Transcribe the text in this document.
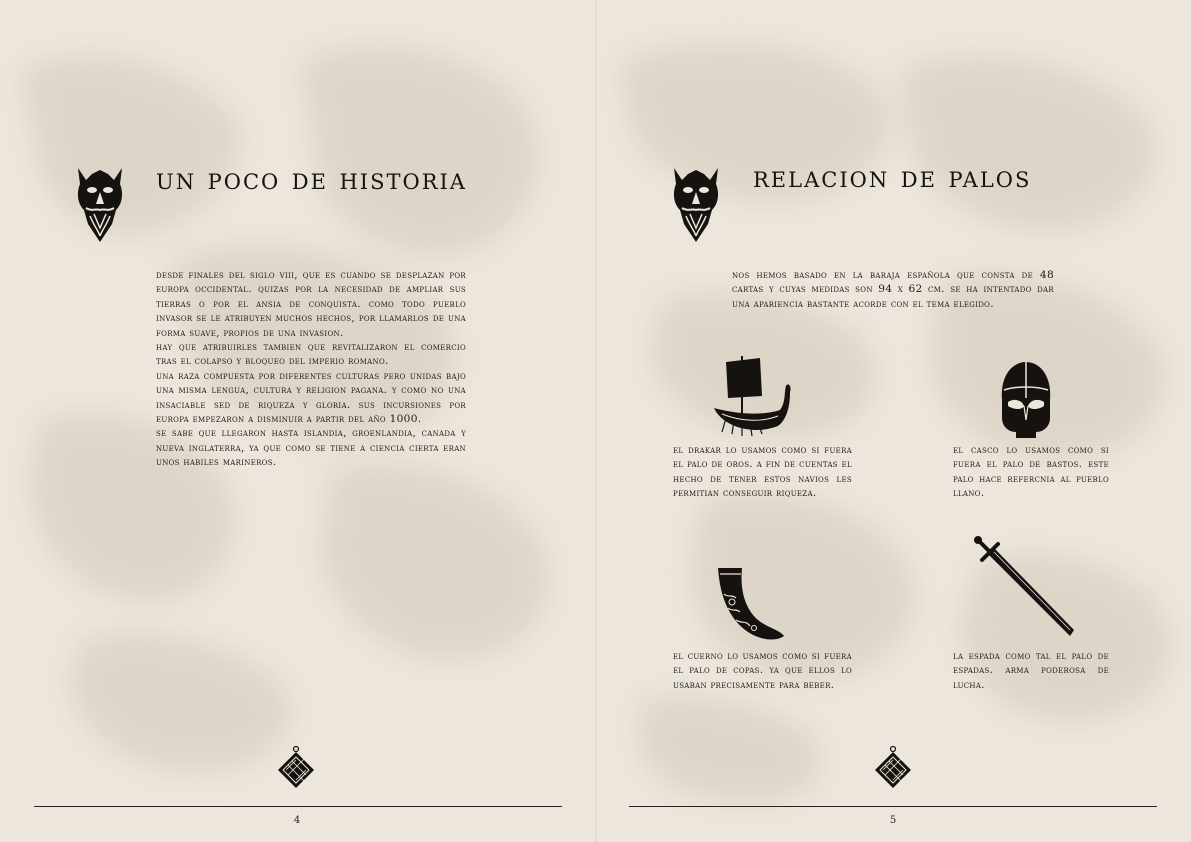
un poco de historia

desde finales del siglo viii, que es cuando se desplazan por europa occidental. quizas por la necesidad de ampliar sus tierras o por el ansia de conquista. como todo pueblo invasor se le atribuyen muchos hechos, por llamarlos de una forma suave, propios de una invasion.

hay que atribuirles tambien que revitalizaron el comercio tras el colapso y bloqueo del imperio romano.

una raza compuesta por diferentes culturas pero unidas bajo una misma lengua, cultura y religion pagana. y como no una insaciable sed de riqueza y gloria. sus incursiones por europa empezaron a disminuir a partir del año 1000.

se sabe que llegaron hasta islandia, groenlandia, canada y nueva inglaterra, ya que como se tiene a ciencia cierta eran unos habiles marineros.

4
relacion de palos

nos hemos basado en la baraja española que consta de 48 cartas y cuyas medidas son 94 x 62 cm. se ha intentado dar una apariencia bastante acorde con el tema elegido.

el drakar lo usamos como si fuera el palo de oros. a fin de cuentas el hecho de tener estos navios les permitian conseguir riqueza.

el casco lo usamos como si fuera el palo de bastos. este palo hace refercnia al pueblo llano.

el cuerno lo usamos como si fuera el palo de copas. ya que ellos lo usaban precisamente para beber.

la espada como tal el palo de espadas. arma poderosa de lucha.

5
